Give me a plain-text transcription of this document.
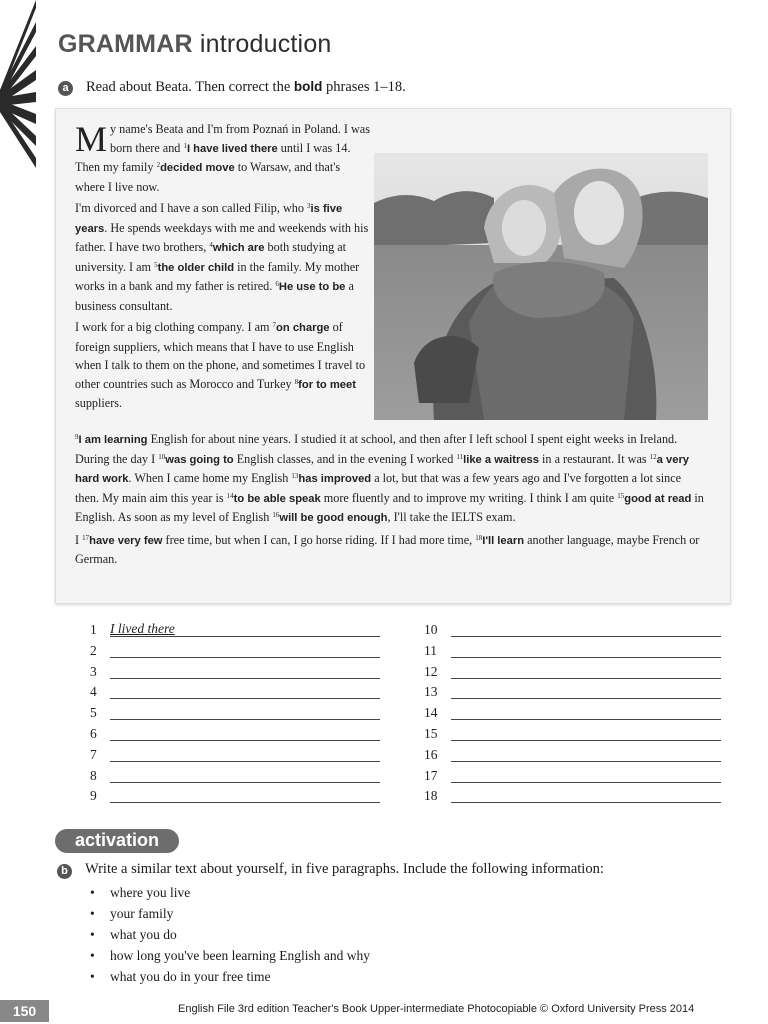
GRAMMAR introduction
a	Read about Beata. Then correct the bold phrases 1–18.

My name's Beata and I'm from Poznań in Poland. I was born there and $^1$I have lived there until I was 14. Then my family $^2$decided move to Warsaw, and that's where I live now.

I'm divorced and I have a son called Filip, who $^3$is five years. He spends weekdays with me and weekends with his father. I have two brothers, $^4$which are both studying at university. I am $^5$the older child in the family. My mother works in a bank and my father is retired. $^6$He use to be a business consultant.

I work for a big clothing company. I am $^7$on charge of foreign suppliers, which means that I have to use English when I talk to them on the phone, and sometimes I travel to other countries such as Morocco and Turkey $^8$for to meet suppliers.

$^9$I am learning English for about nine years. I studied it at school, and then after I left school I spent eight weeks in Ireland. During the day I $^{10}$was going to English classes, and in the evening I worked $^{11}$like a waitress in a restaurant. It was $^{12}$a very hard work. When I came home my English $^{13}$has improved a lot, but that was a few years ago and I've forgotten a lot since then. My main aim this year is $^{14}$to be able speak more fluently and to improve my writing. I think I am quite $^{15}$good at read in English. As soon as my level of English $^{16}$will be good enough, I'll take the IELTS exam.

I $^{17}$have very few free time, but when I can, I go horse riding. If I had more time, $^{18}$I'll learn another language, maybe French or German.

1 I lived there
2
3
4
5
6
7
8
9
10
11
12
13
14
15
16
17
18
activation
b Write a similar text about yourself, in five paragraphs. Include the following information:
• where you live
• your family
• what you do
• how long you've been learning English and why
• what you do in your free time
150	English File 3rd edition Teacher's Book Upper-intermediate Photocopiable © Oxford University Press 2014
